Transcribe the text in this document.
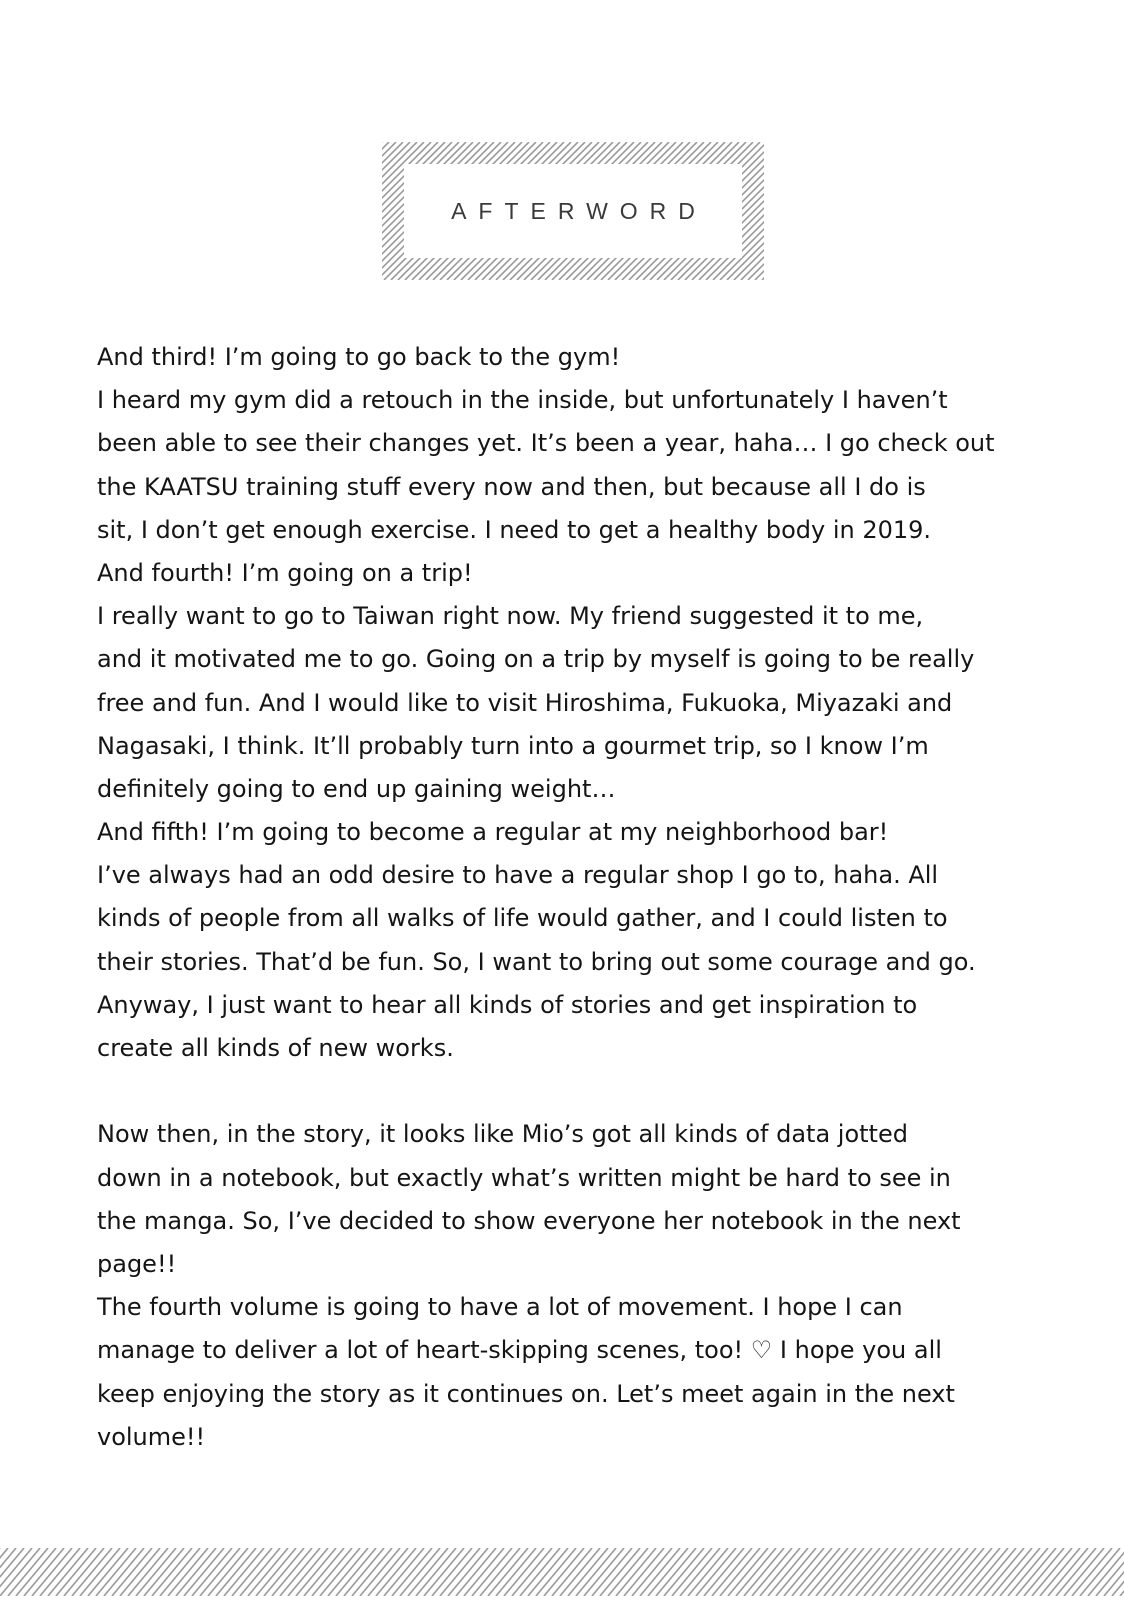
AFTERWORD
And third! I’m going to go back to the gym!
I heard my gym did a retouch in the inside, but unfortunately I haven’t
been able to see their changes yet. It’s been a year, haha… I go check out
the KAATSU training stuff every now and then, but because all I do is
sit, I don’t get enough exercise. I need to get a healthy body in 2019.
And fourth! I’m going on a trip!
I really want to go to Taiwan right now. My friend suggested it to me,
and it motivated me to go. Going on a trip by myself is going to be really
free and fun. And I would like to visit Hiroshima, Fukuoka, Miyazaki and
Nagasaki, I think. It’ll probably turn into a gourmet trip, so I know I’m
definitely going to end up gaining weight…
And fifth! I’m going to become a regular at my neighborhood bar!
I’ve always had an odd desire to have a regular shop I go to, haha. All
kinds of people from all walks of life would gather, and I could listen to
their stories. That’d be fun. So, I want to bring out some courage and go.
Anyway, I just want to hear all kinds of stories and get inspiration to
create all kinds of new works.
Now then, in the story, it looks like Mio’s got all kinds of data jotted
down in a notebook, but exactly what’s written might be hard to see in
the manga. So, I’ve decided to show everyone her notebook in the next
page!!
The fourth volume is going to have a lot of movement. I hope I can
manage to deliver a lot of heart-skipping scenes, too! ♡ I hope you all
keep enjoying the story as it continues on. Let’s meet again in the next
volume!!
